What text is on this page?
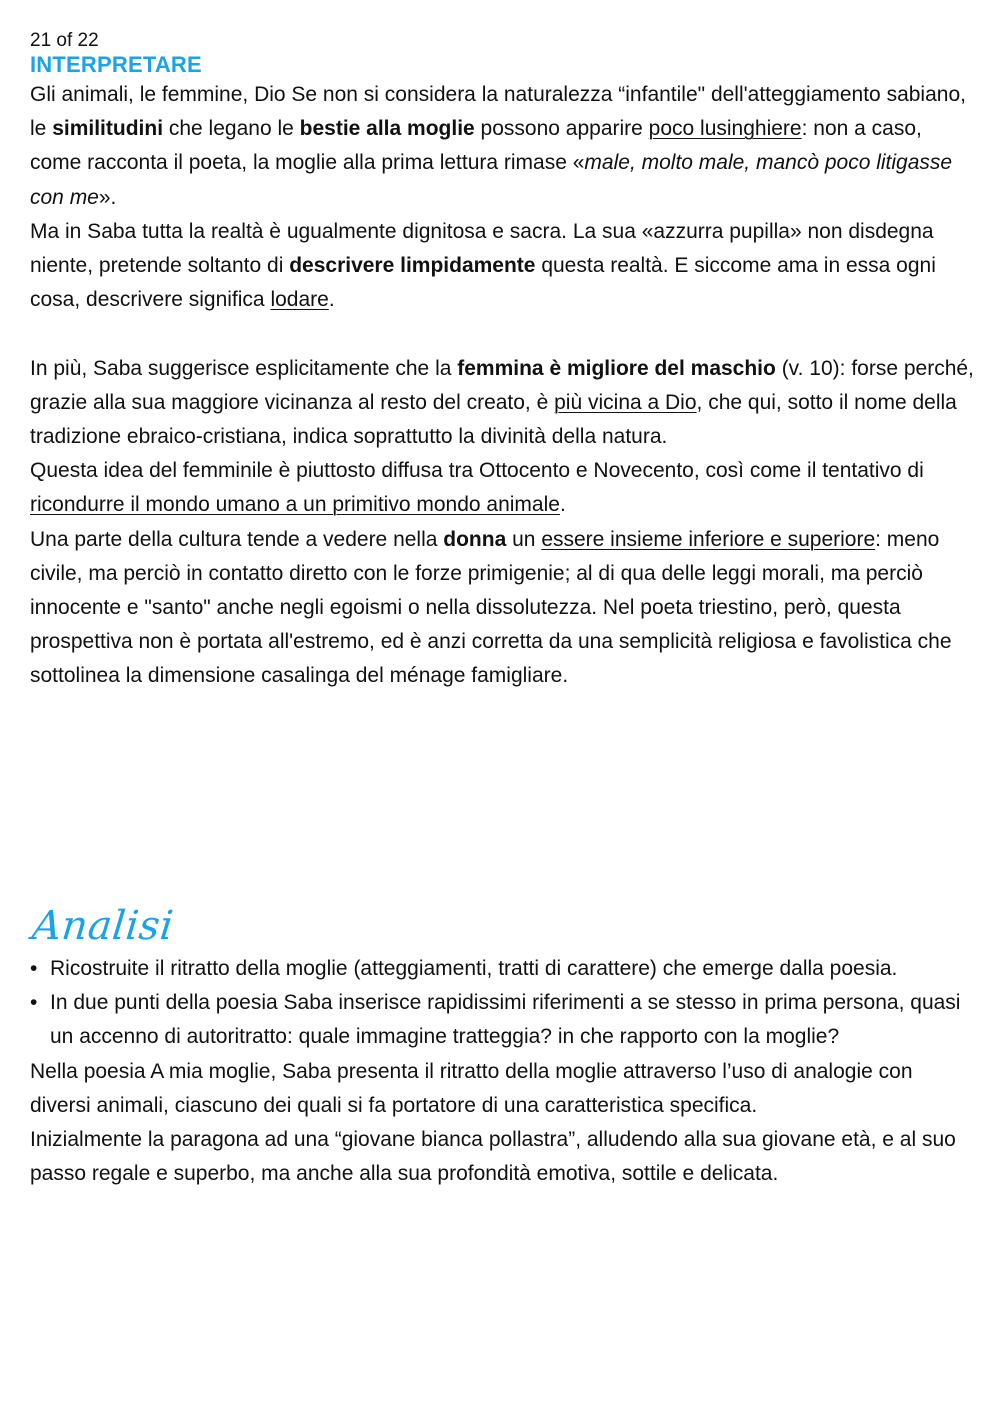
21 of 22
INTERPRETARE

Gli animali, le femmine, Dio Se non si considera la naturalezza “infantile" dell'atteggiamento sabiano, le similitudini che legano le bestie alla moglie possono apparire poco lusinghiere: non a caso, come racconta il poeta, la moglie alla prima lettura rimase «male, molto male, mancò poco litigasse con me».

Ma in Saba tutta la realtà è ugualmente dignitosa e sacra. La sua «azzurra pupilla» non disdegna niente, pretende soltanto di descrivere limpidamente questa realtà. E siccome ama in essa ogni cosa, descrivere significa lodare.

In più, Saba suggerisce esplicitamente che la femmina è migliore del maschio (v. 10): forse perché, grazie alla sua maggiore vicinanza al resto del creato, è più vicina a Dio, che qui, sotto il nome della tradizione ebraico-cristiana, indica soprattutto la divinità della natura.

Questa idea del femminile è piuttosto diffusa tra Ottocento e Novecento, così come il tentativo di ricondurre il mondo umano a un primitivo mondo animale.

Una parte della cultura tende a vedere nella donna un essere insieme inferiore e superiore: meno civile, ma perciò in contatto diretto con le forze primigenie; al di qua delle leggi morali, ma perciò innocente e "santo" anche negli egoismi o nella dissolutezza. Nel poeta triestino, però, questa prospettiva non è portata all'estremo, ed è anzi corretta da una semplicità religiosa e favolistica che sottolinea la dimensione casalinga del ménage famigliare.

Analisi
• Ricostruite il ritratto della moglie (atteggiamenti, tratti di carattere) che emerge dalla poesia.
• In due punti della poesia Saba inserisce rapidissimi riferimenti a se stesso in prima persona, quasi un accenno di autoritratto: quale immagine tratteggia? in che rapporto con la moglie?

Nella poesia A mia moglie, Saba presenta il ritratto della moglie attraverso l’uso di analogie con diversi animali, ciascuno dei quali si fa portatore di una caratteristica specifica.

Inizialmente la paragona ad una “giovane bianca pollastra”, alludendo alla sua giovane età, e al suo passo regale e superbo, ma anche alla sua profondità emotiva, sottile e delicata.
